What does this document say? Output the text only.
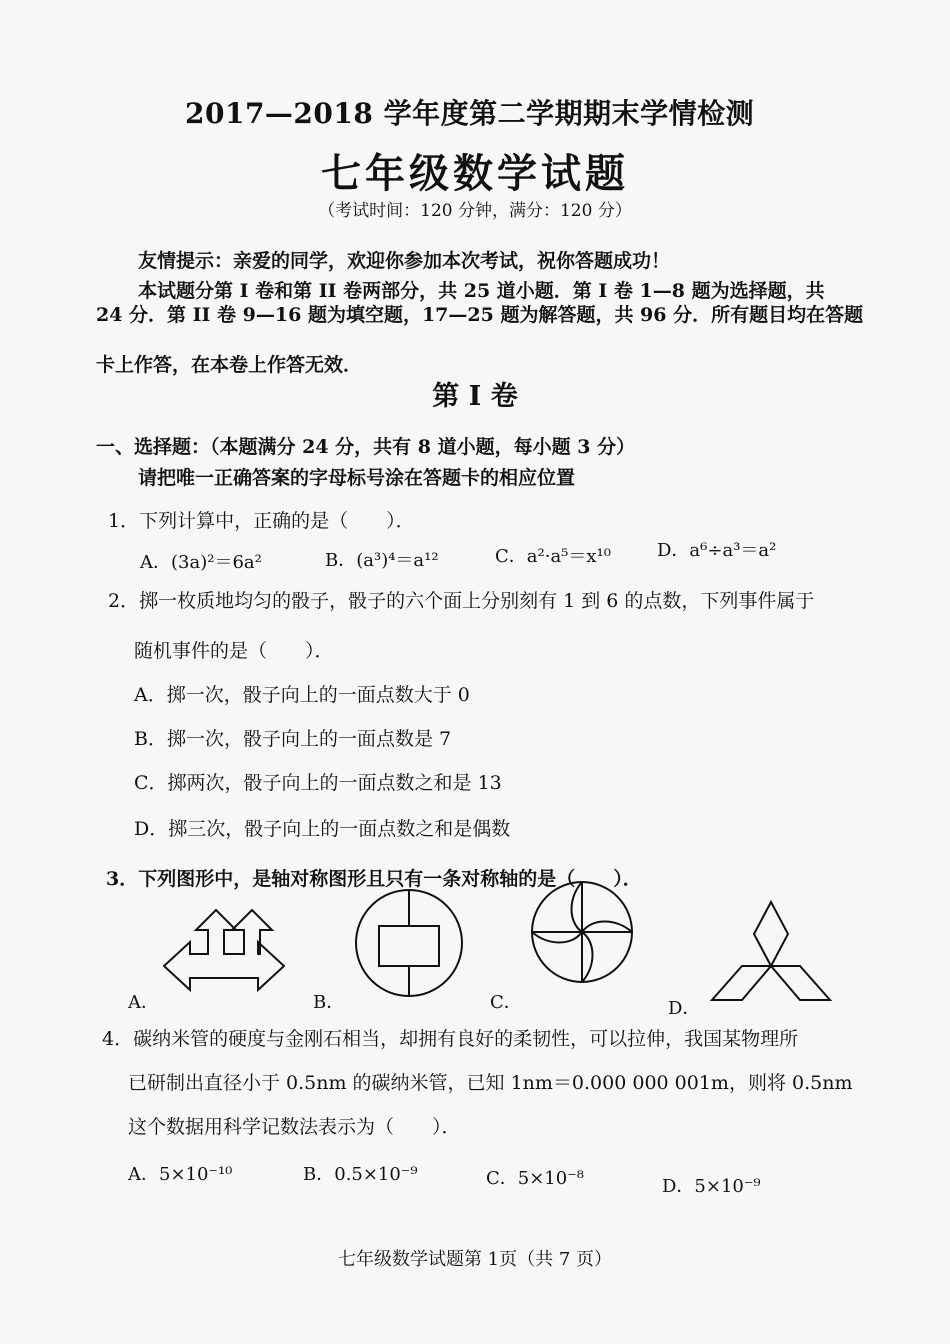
2017—2018 学年度第二学期期末学情检测
七年级数学试题
（考试时间：120 分钟，满分：120 分）
友情提示：亲爱的同学，欢迎你参加本次考试，祝你答题成功！
本试题分第 I 卷和第 II 卷两部分，共 25 道小题．第 I 卷 1—8 题为选择题，共
24 分．第 II 卷 9—16 题为填空题，17—25 题为解答题，共 96 分．所有题目均在答题
卡上作答，在本卷上作答无效．
第 I 卷
一、选择题：（本题满分 24 分，共有 8 道小题，每小题 3 分）
请把唯一正确答案的字母标号涂在答题卡的相应位置
1．下列计算中，正确的是（　　）．
A．(3a)²＝6a²	B．(a³)⁴＝a¹²	C．a²·a⁵＝x¹⁰	D．a⁶÷a³＝a²
2．掷一枚质地均匀的骰子，骰子的六个面上分别刻有 1 到 6 的点数，下列事件属于
随机事件的是（　　）．
A．掷一次，骰子向上的一面点数大于 0
B．掷一次，骰子向上的一面点数是 7
C．掷两次，骰子向上的一面点数之和是 13
D．掷三次，骰子向上的一面点数之和是偶数
3．下列图形中，是轴对称图形且只有一条对称轴的是（　　）．
A．	B．	C．	D．
4．碳纳米管的硬度与金刚石相当，却拥有良好的柔韧性，可以拉伸，我国某物理所
已研制出直径小于 0.5nm 的碳纳米管，已知 1nm＝0.000 000 001m，则将 0.5nm
这个数据用科学记数法表示为（　　）．
A．5×10⁻¹⁰	B．0.5×10⁻⁹	C．5×10⁻⁸	D．5×10⁻⁹
七年级数学试题第 1页（共 7 页）
